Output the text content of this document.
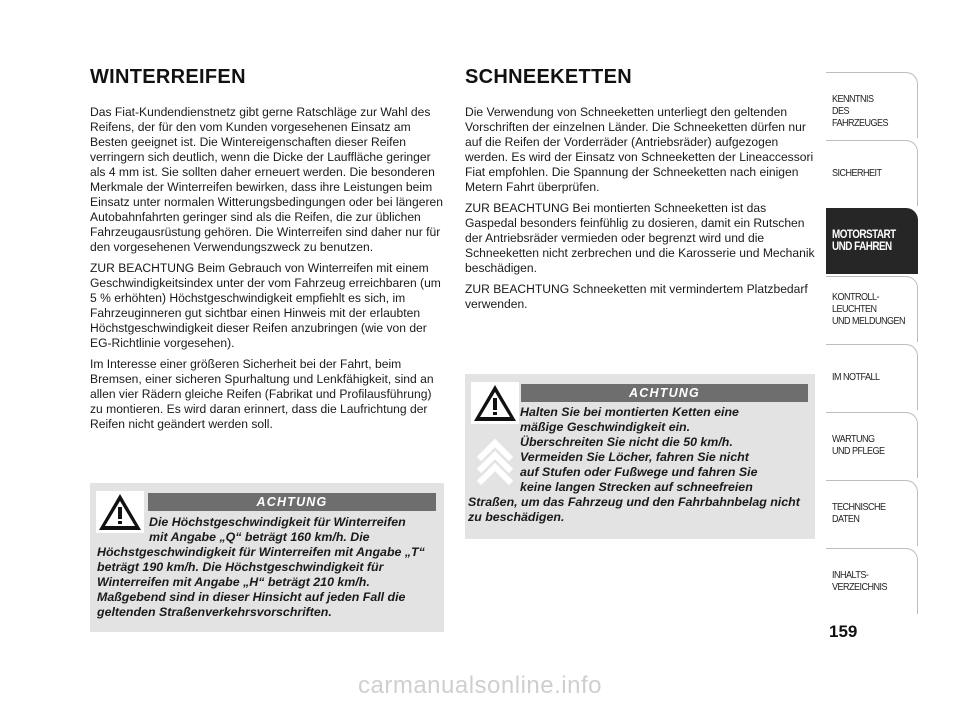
WINTERREIFEN

Das Fiat-Kundendienstnetz gibt gerne Ratschläge zur Wahl des Reifens, der für den vom Kunden vorgesehenen Einsatz am Besten geeignet ist. Die Wintereigenschaften dieser Reifen verringern sich deutlich, wenn die Dicke der Lauffläche geringer als 4 mm ist. Sie sollten daher erneuert werden. Die besonderen Merkmale der Winterreifen bewirken, dass ihre Leistungen beim Einsatz unter normalen Witterungsbedingungen oder bei längeren Autobahnfahrten geringer sind als die Reifen, die zur üblichen Fahrzeugausrüstung gehören. Die Winterreifen sind daher nur für den vorgesehenen Verwendungszweck zu benutzen.

ZUR BEACHTUNG Beim Gebrauch von Winterreifen mit einem Geschwindigkeitsindex unter der vom Fahrzeug erreichbaren (um 5 % erhöhten) Höchstgeschwindigkeit empfiehlt es sich, im Fahrzeuginneren gut sichtbar einen Hinweis mit der erlaubten Höchstgeschwindigkeit dieser Reifen anzubringen (wie von der EG-Richtlinie vorgesehen).

Im Interesse einer größeren Sicherheit bei der Fahrt, beim Bremsen, einer sicheren Spurhaltung und Lenkfähigkeit, sind an allen vier Rädern gleiche Reifen (Fabrikat und Profilausführung) zu montieren. Es wird daran erinnert, dass die Laufrichtung der Reifen nicht geändert werden soll.

ACHTUNG

Die Höchstgeschwindigkeit für Winterreifen
mit Angabe „Q“ beträgt 160 km/h. Die
Höchstgeschwindigkeit für Winterreifen mit Angabe „T“ beträgt 190 km/h. Die Höchstgeschwindigkeit für Winterreifen mit Angabe „H“ beträgt 210 km/h. Maßgebend sind in dieser Hinsicht auf jeden Fall die geltenden Straßenverkehrsvorschriften.

SCHNEEKETTEN

Die Verwendung von Schneeketten unterliegt den geltenden Vorschriften der einzelnen Länder. Die Schneeketten dürfen nur auf die Reifen der Vorderräder (Antriebsräder) aufgezogen werden. Es wird der Einsatz von Schneeketten der Lineaccessori Fiat empfohlen. Die Spannung der Schneeketten nach einigen Metern Fahrt überprüfen.

ZUR BEACHTUNG Bei montierten Schneeketten ist das Gaspedal besonders feinfühlig zu dosieren, damit ein Rutschen der Antriebsräder vermieden oder begrenzt wird und die Schneeketten nicht zerbrechen und die Karosserie und Mechanik beschädigen.

ZUR BEACHTUNG Schneeketten mit vermindertem Platzbedarf verwenden.

ACHTUNG

Halten Sie bei montierten Ketten eine
mäßige Geschwindigkeit ein.
Überschreiten Sie nicht die 50 km/h.
Vermeiden Sie Löcher, fahren Sie nicht
auf Stufen oder Fußwege und fahren Sie
keine langen Strecken auf schneefreien
Straßen, um das Fahrzeug und den Fahrbahnbelag nicht zu beschädigen.

KENNTNIS
DES FAHRZEUGES
SICHERHEIT
MOTORSTART
UND FAHREN
KONTROLL-
LEUCHTEN
UND MELDUNGEN
IM NOTFALL
WARTUNG
UND PFLEGE
TECHNISCHE
DATEN
INHALTS-
VERZEICHNIS
159
carmanualsonline.info
